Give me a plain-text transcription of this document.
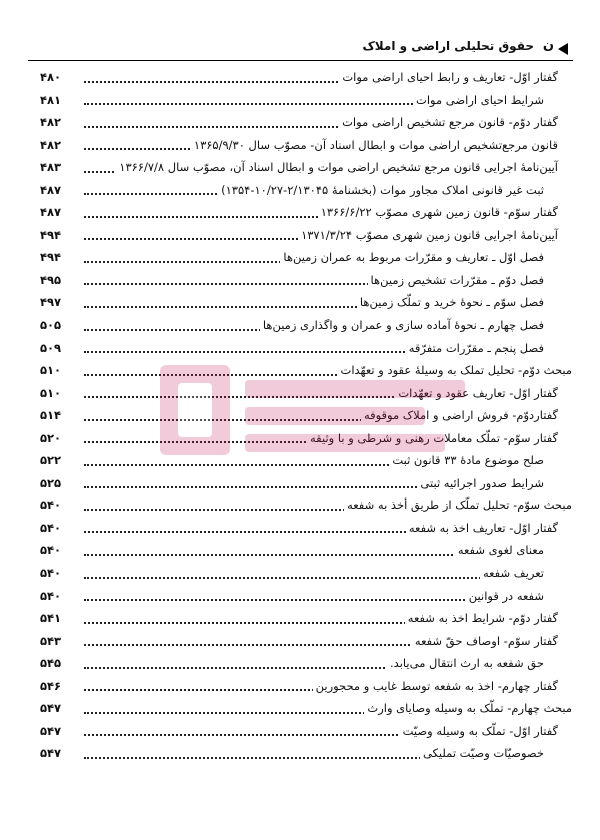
ن
حقوق تحلیلی اراضی و املاک
گفتار اوّل- تعاریف و رابط احیای اراضی موات
۴۸۰
شرایط احیای اراضی موات
۴۸۱
گفتار دوّم- قانون مرجع تشخیص اراضی موات
۴۸۲
قانون مرجع‌تشخیص اراضی موات و ابطال اسناد آن- مصوّب سال ۱۳۶۵/۹/۳۰
۴۸۲
آیین‌نامهٔ اجرایی قانون مرجع تشخیص اراضی موات و ابطال اسناد آن، مصوّب سال ۱۳۶۶/۷/۸
۴۸۳
ثبت غیر قانونی املاک مجاور موات (بخشنامهٔ ۲/۱۳۰۴۵-۱۰/۲۷-۱۳۵۴)
۴۸۷
گفتار سوّم- قانون زمین شهری مصوّب ۱۳۶۶/۶/۲۲
۴۸۷
آیین‌نامهٔ اجرایی قانون زمین شهری مصوّب ۱۳۷۱/۳/۲۴
۴۹۴
فصل اوّل ـ تعاریف و مقرّرات مربوط به عمران زمین‌ها
۴۹۴
فصل دوّم ـ مقرّرات تشخیص زمین‌ها
۴۹۵
فصل سوّم ـ نحوهٔ خرید و تملّک زمین‌ها
۴۹۷
فصل چهارم ـ نحوهٔ آماده سازی و عمران و واگذاری زمین‌ها
۵۰۵
فصل پنجم ـ مقرّرات متفرّقه
۵۰۹
مبحث دوّم- تحلیل تملک به وسیلهٔ عقود و تعهّدات
۵۱۰
گفتار اوّل- تعاریف عقود و تعهّدات
۵۱۰
گفتاردوّم- فروش اراضی و املاک موقوفه
۵۱۴
گفتار سوّم- تملّک معاملات رهنی و شرطی و با وثیقه
۵۲۰
صلح موضوع مادهٔ ۳۳ قانون ثبت
۵۲۲
شرایط صدور اجرائیه ثبتی
۵۲۵
مبحث سوّم- تحلیل تملّک از طریق أخذ به شفعه
۵۴۰
گفتار اوّل- تعاریف اخذ به شفعه
۵۴۰
معنای لغوی شفعه
۵۴۰
تعریف شفعه
۵۴۰
شفعه در قوانین
۵۴۰
گفتار دوّم- شرایط اخذ به شفعه
۵۴۱
گفتار سوّم- اوصاف حقّ شفعه
۵۴۳
حق شفعه به ارث انتقال می‌یابد.
۵۴۵
گفتار چهارم- اخذ به شفعه توسط غایب و محجورین
۵۴۶
مبحث چهارم- تملّک به وسیله وصایای وارث
۵۴۷
گفتار اوّل- تملّک به وسیله وصیّت
۵۴۷
خصوصیّات وصیّت تملیکی
۵۴۷
